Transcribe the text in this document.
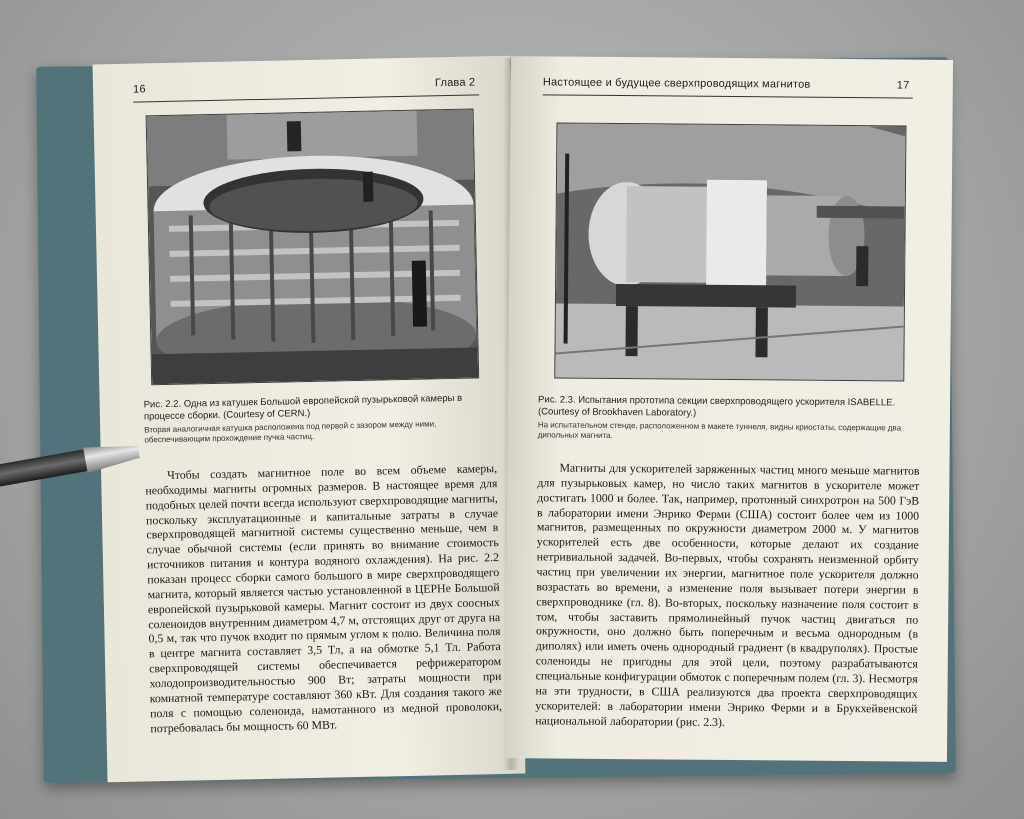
16
Глава 2
Рис. 2.2. Одна из катушек Большой европейской пузырьковой камеры в процессе сборки. (Courtesy of CERN.)
Вторая аналогичная катушка расположена под первой с зазором между ними, обеспечивающим прохождение пучка частиц.

Чтобы создать магнитное поле во всем объеме камеры, необходимы магниты огромных размеров. В настоящее время для подобных целей почти всегда используют сверхпроводящие магниты, поскольку эксплуатационные и капитальные затраты в случае сверхпроводящей магнитной системы существенно меньше, чем в случае обычной системы (если принять во внимание стоимость источников питания и контура водяного охлаждения). На рис. 2.2 показан процесс сборки самого большого в мире сверхпроводящего магнита, который является частью установленной в ЦЕРНе Большой европейской пузырьковой камеры. Магнит состоит из двух соосных соленоидов внутренним диаметром 4,7 м, отстоящих друг от друга на 0,5 м, так что пучок входит по прямым углом к полю. Величина поля в центре магнита составляет 3,5 Тл, а на обмотке 5,1 Тл. Работа сверхпроводящей системы обеспечивается рефрижератором холодопроизводительностью 900 Вт; затраты мощности при комнатной температуре составляют 360 кВт. Для создания такого же поля с помощью соленоида, намотанного из медной проволоки, потребовалась бы мощность 60 МВт.

Настоящее и будущее сверхпроводящих магнитов	17
Рис. 2.3. Испытания прототипа секции сверхпроводящего ускорителя ISABELLE. (Courtesy of Brookhaven Laboratory.)
На испытательном стенде, расположенном в макете туннеля, видны криостаты, содержащие два дипольных магнита.

Магниты для ускорителей заряженных частиц много меньше магнитов для пузырьковых камер, но число таких магнитов в ускорителе может достигать 1000 и более. Так, например, протонный синхротрон на 500 ГэВ в лаборатории имени Энрико Ферми (США) состоит более чем из 1000 магнитов, размещенных по окружности диаметром 2000 м. У магнитов ускорителей есть две особенности, которые делают их создание нетривиальной задачей. Во-первых, чтобы сохранять неизменной орбиту частиц при увеличении их энергии, магнитное поле ускорителя должно возрастать во времени, а изменение поля вызывает потери энергии в сверхпроводнике (гл. 8). Во-вторых, поскольку назначение поля состоит в том, чтобы заставить прямолинейный пучок частиц двигаться по окружности, оно должно быть поперечным и весьма однородным (в диполях) или иметь очень однородный градиент (в квадруполях). Простые соленоиды не пригодны для этой цели, поэтому разрабатываются специальные конфигурации обмоток с поперечным полем (гл. 3). Несмотря на эти трудности, в США реализуются два проекта сверхпроводящих ускорителей: в лаборатории имени Энрико Ферми и в Брукхейвенской национальной лаборатории (рис. 2.3).
